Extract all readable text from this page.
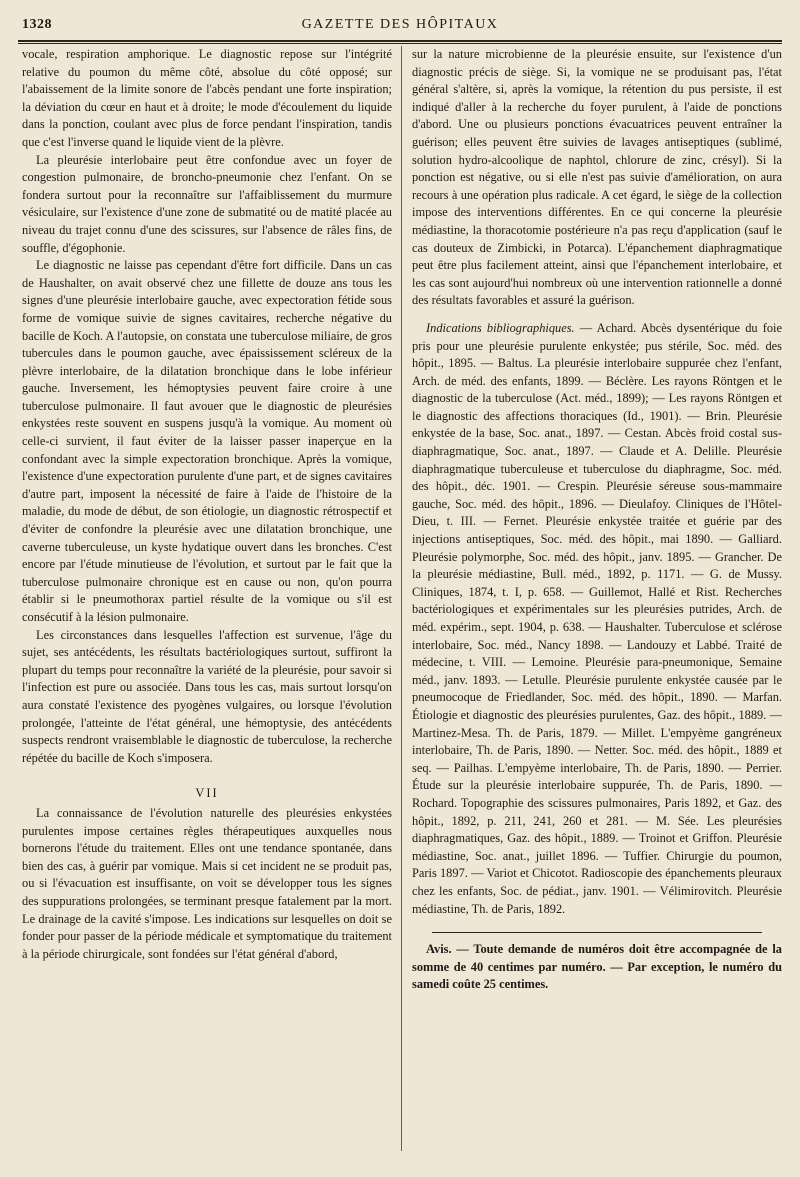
1328	GAZETTE DES HÔPITAUX

vocale, respiration amphorique. Le diagnostic repose sur l'intégrité relative du poumon du même côté, absolue du côté opposé; sur l'abaissement de la limite sonore de l'abcès pendant une forte inspiration; la déviation du cœur en haut et à droite; le mode d'écoulement du liquide dans la ponction, coulant avec plus de force pendant l'inspiration, tandis que c'est l'inverse quand le liquide vient de la plèvre.

La pleurésie interlobaire peut être confondue avec un foyer de congestion pulmonaire, de broncho-pneumonie chez l'enfant. On se fondera surtout pour la reconnaître sur l'affaiblissement du murmure vésiculaire, sur l'existence d'une zone de submatité ou de matité placée au niveau du trajet connu d'une des scissures, sur l'absence de râles fins, de souffle, d'égophonie.

Le diagnostic ne laisse pas cependant d'être fort difficile. Dans un cas de Haushalter, on avait observé chez une fillette de douze ans tous les signes d'une pleurésie interlobaire gauche, avec expectoration fétide sous forme de vomique suivie de signes cavitaires, recherche négative du bacille de Koch. A l'autopsie, on constata une tuberculose miliaire, de gros tubercules dans le poumon gauche, avec épaississement scléreux de la plèvre interlobaire, de la dilatation bronchique dans le lobe inférieur gauche. Inversement, les hémoptysies peuvent faire croire à une tuberculose pulmonaire. Il faut avouer que le diagnostic de pleurésies enkystées reste souvent en suspens jusqu'à la vomique. Au moment où celle-ci survient, il faut éviter de la laisser passer inaperçue en la confondant avec la simple expectoration bronchique. Après la vomique, l'existence d'une expectoration purulente d'une part, et de signes cavitaires d'autre part, imposent la nécessité de faire à l'aide de l'histoire de la maladie, du mode de début, de son étiologie, un diagnostic rétrospectif et d'éviter de confondre la pleurésie avec une dilatation bronchique, une caverne tuberculeuse, un kyste hydatique ouvert dans les bronches. C'est encore par l'étude minutieuse de l'évolution, et surtout par le fait que la tuberculose pulmonaire chronique est en cause ou non, qu'on pourra établir si le pneumothorax partiel résulte de la vomique ou s'il est consécutif à la lésion pulmonaire.

Les circonstances dans lesquelles l'affection est survenue, l'âge du sujet, ses antécédents, les résultats bactériologiques surtout, suffiront la plupart du temps pour reconnaître la variété de la pleurésie, pour savoir si l'infection est pure ou associée. Dans tous les cas, mais surtout lorsqu'on aura constaté l'existence des pyogènes vulgaires, ou lorsque l'évolution prolongée, l'atteinte de l'état général, une hémoptysie, des antécédents suspects rendront vraisemblable le diagnostic de tuberculose, la recherche répétée du bacille de Koch s'imposera.

VII

La connaissance de l'évolution naturelle des pleurésies enkystées purulentes impose certaines règles thérapeutiques auxquelles nous bornerons l'étude du traitement. Elles ont une tendance spontanée, dans bien des cas, à guérir par vomique. Mais si cet incident ne se produit pas, ou si l'évacuation est insuffisante, on voit se développer tous les signes des suppurations prolongées, se terminant presque fatalement par la mort. Le drainage de la cavité s'impose. Les indications sur lesquelles on doit se fonder pour passer de la période médicale et symptomatique du traitement à la période chirurgicale, sont fondées sur l'état général d'abord,

sur la nature microbienne de la pleurésie ensuite, sur l'existence d'un diagnostic précis de siège. Si, la vomique ne se produisant pas, l'état général s'altère, si, après la vomique, la rétention du pus persiste, il est indiqué d'aller à la recherche du foyer purulent, à l'aide de ponctions d'abord. Une ou plusieurs ponctions évacuatrices peuvent entraîner la guérison; elles peuvent être suivies de lavages antiseptiques (sublimé, solution hydro-alcoolique de naphtol, chlorure de zinc, crésyl). Si la ponction est négative, ou si elle n'est pas suivie d'amélioration, on aura recours à une opération plus radicale. A cet égard, le siège de la collection impose des interventions différentes. En ce qui concerne la pleurésie médiastine, la thoracotomie postérieure n'a pas reçu d'application (sauf le cas douteux de Zimbicki, in Potarca). L'épanchement diaphragmatique peut être plus facilement atteint, ainsi que l'épanchement interlobaire, et les cas sont aujourd'hui nombreux où une intervention rationnelle a donné des résultats favorables et assuré la guérison.

Indications bibliographiques. — Achard. Abcès dysentérique du foie pris pour une pleurésie purulente enkystée; pus stérile, Soc. méd. des hôpit., 1895. — Baltus. La pleurésie interlobaire suppurée chez l'enfant, Arch. de méd. des enfants, 1899. — Béclère. Les rayons Röntgen et le diagnostic de la tuberculose (Act. méd., 1899); — Les rayons Röntgen et le diagnostic des affections thoraciques (Id., 1901). — Brin. Pleurésie enkystée de la base, Soc. anat., 1897. — Cestan. Abcès froid costal sus-diaphragmatique, Soc. anat., 1897. — Claude et A. Delille. Pleurésie diaphragmatique tuberculeuse et tuberculose du diaphragme, Soc. méd. des hôpit., déc. 1901. — Crespin. Pleurésie séreuse sous-mammaire gauche, Soc. méd. des hôpit., 1896. — Dieulafoy. Cliniques de l'Hôtel-Dieu, t. III. — Fernet. Pleurésie enkystée traitée et guérie par des injections antiseptiques, Soc. méd. des hôpit., mai 1890. — Galliard. Pleurésie polymorphe, Soc. méd. des hôpit., janv. 1895. — Grancher. De la pleurésie médiastine, Bull. méd., 1892, p. 1171. — G. de Mussy. Cliniques, 1874, t. I, p. 658. — Guillemot, Hallé et Rist. Recherches bactériologiques et expérimentales sur les pleurésies putrides, Arch. de méd. expérim., sept. 1904, p. 638. — Haushalter. Tuberculose et sclérose interlobaire, Soc. méd., Nancy 1898. — Landouzy et Labbé. Traité de médecine, t. VIII. — Lemoine. Pleurésie para-pneumonique, Semaine méd., janv. 1893. — Letulle. Pleurésie purulente enkystée causée par le pneumocoque de Friedlander, Soc. méd. des hôpit., 1890. — Marfan. Étiologie et diagnostic des pleurésies purulentes, Gaz. des hôpit., 1889. — Martinez-Mesa. Th. de Paris, 1879. — Millet. L'empyème gangréneux interlobaire, Th. de Paris, 1890. — Netter. Soc. méd. des hôpit., 1889 et seq. — Pailhas. L'empyème interlobaire, Th. de Paris, 1890. — Perrier. Étude sur la pleurésie interlobaire suppurée, Th. de Paris, 1890. — Rochard. Topographie des scissures pulmonaires, Paris 1892, et Gaz. des hôpit., 1892, p. 211, 241, 260 et 281. — M. Sée. Les pleurésies diaphragmatiques, Gaz. des hôpit., 1889. — Troinot et Griffon. Pleurésie médiastine, Soc. anat., juillet 1896. — Tuffier. Chirurgie du poumon, Paris 1897. — Variot et Chicotot. Radioscopie des épanchements pleuraux chez les enfants, Soc. de pédiat., janv. 1901. — Vélimirovitch. Pleurésie médiastine, Th. de Paris, 1892.

Avis. — Toute demande de numéros doit être accompagnée de la somme de 40 centimes par numéro. — Par exception, le numéro du samedi coûte 25 centimes.
